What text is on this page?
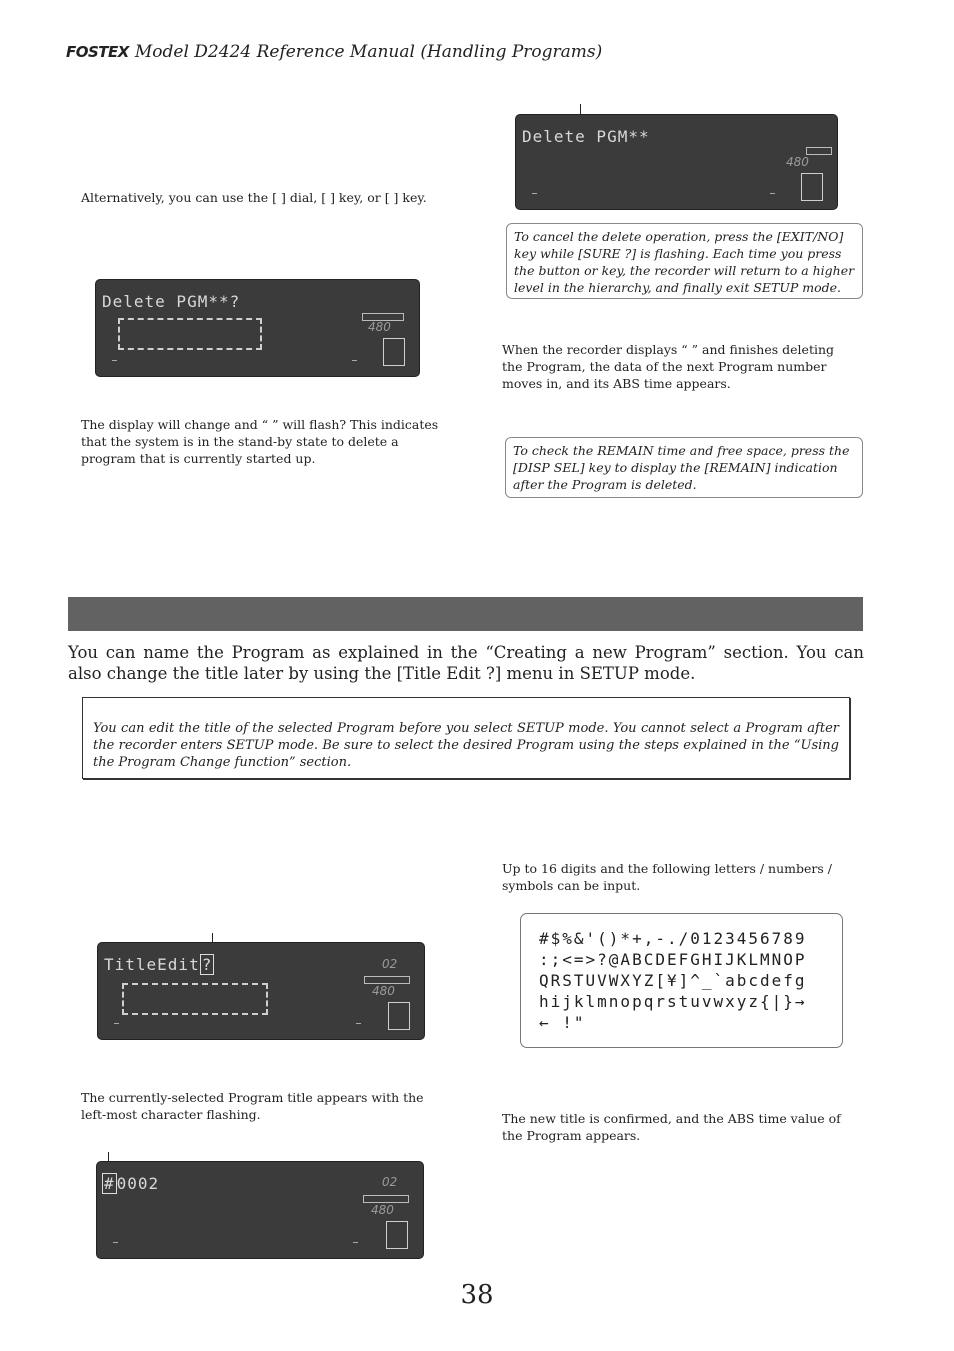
FOSTEX Model D2424 Reference Manual (Handling Programs)
Delete PGM**
480
To cancel the delete operation, press the [EXIT/NO] key while [SURE ?] is flashing. Each time you press the button or key, the recorder will return to a higher level in the hierarchy, and finally exit SETUP mode.
Alternatively, you can use the [ ] dial, [ ] key, or [ ] key.
Delete PGM**?
480
The display will change and “ ” will flash? This indicates that the system is in the stand-by state to delete a program that is currently started up.
When the recorder displays “ ” and finishes deleting the Program, the data of the next Program number moves in, and its ABS time appears.
To check the REMAIN time and free space, press the [DISP SEL] key to display the [REMAIN] indication after the Program is deleted.
You can name the Program as explained in the “Creating a new Program” section. You can also change the title later by using the [Title Edit ?] menu in SETUP mode.
You can edit the title of the selected Program before you select SETUP mode. You cannot select a Program after the recorder enters SETUP mode. Be sure to select the desired Program using the steps explained in the “Using the Program Change function” section.
Up to 16 digits and the following letters / numbers / symbols can be input.
#$%&'()*+,-./0123456789
:;<=>?@ABCDEFGHIJKLMNOP
QRSTUVWXYZ[¥]^_`abcdefg
hijklmnopqrstuvwxyz{|}→
← !"
TitleEdit ?	02
480
The currently-selected Program title appears with the left-most character flashing.	The new title is confirmed, and the ABS time value of the Program appears.
# 0002	02
480
38
